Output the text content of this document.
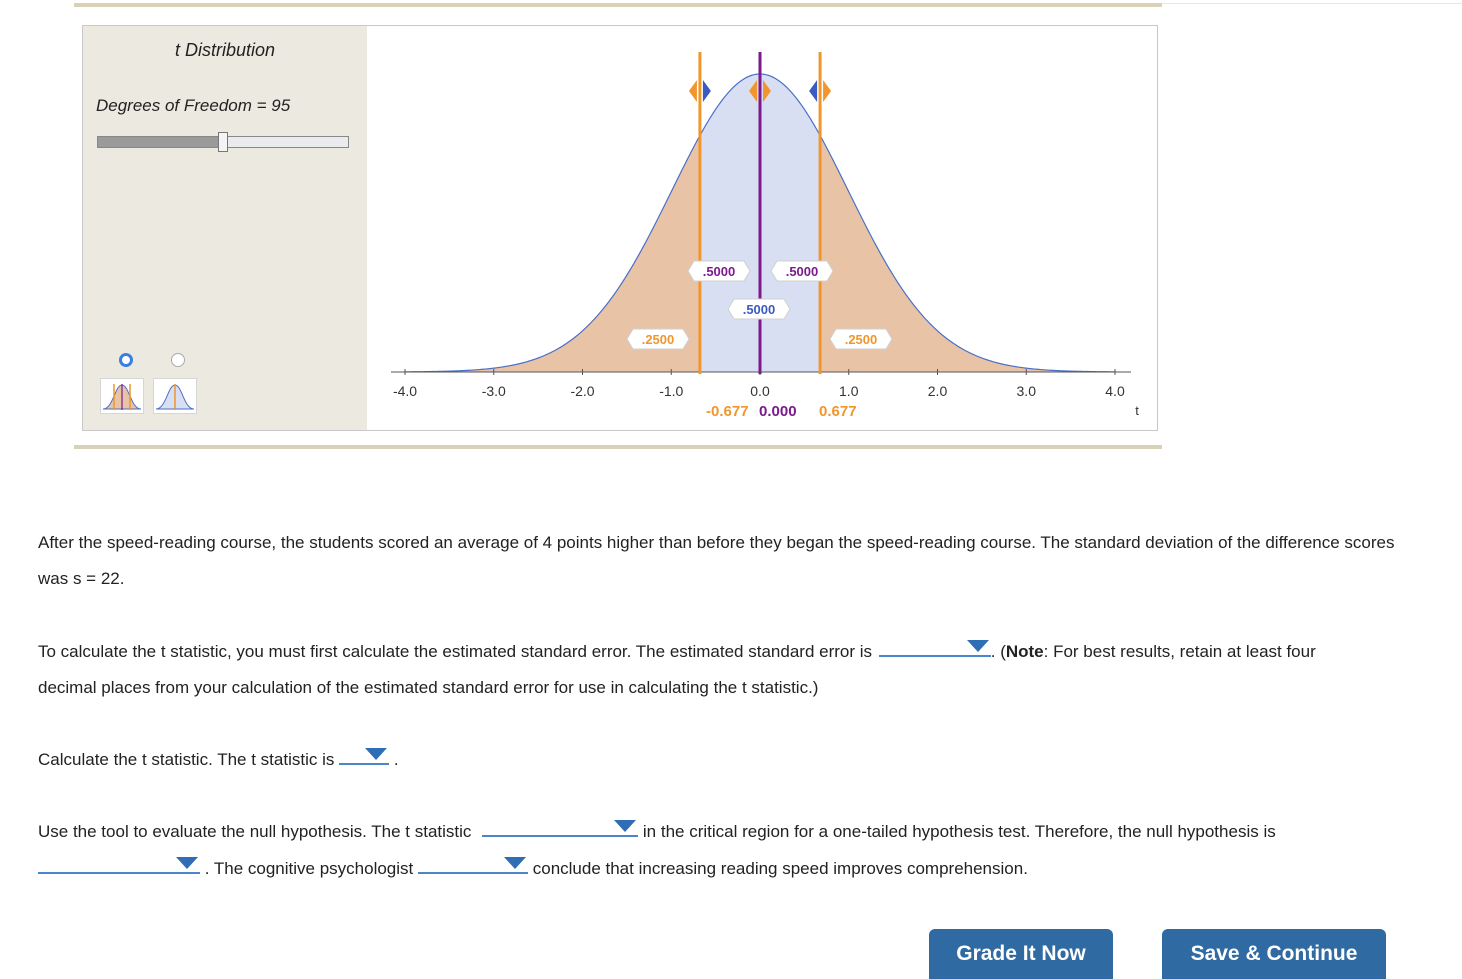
t Distribution
Degrees of Freedom = 95
-4.0	-3.0	-2.0	-1.0	0.0	1.0	2.0	3.0	4.0
t
-0.677 0.000 0.677
.2500
.5000	.5000
.5000
.2500
After the speed-reading course, the students scored an average of 4 points higher than before they began the speed-reading course. The standard deviation of the difference scores was s = 22.
To calculate the t statistic, you must first calculate the estimated standard error. The estimated standard error is	. (Note: For best results, retain at least four decimal places from your calculation of the estimated standard error for use in calculating the t statistic.)
Calculate the t statistic. The t statistic is	.
Use the tool to evaluate the null hypothesis. The t statistic	in the critical region for a one-tailed hypothesis test. Therefore, the null hypothesis is
. The cognitive psychologist	conclude that increasing reading speed improves comprehension.
Grade It Now	Save & Continue
